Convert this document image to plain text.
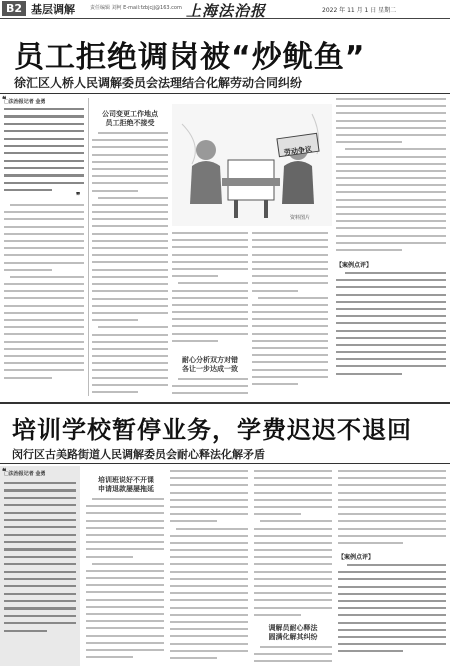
B2 基层调解	责任编辑 刘柯 E-mail:fzbjcjj@163.com 上海法治报	2022 年 11 月 1 日 星期二
员工拒绝调岗被“炒鱿鱼”
徐汇区人桥人民调解委员会法理结合化解劳动合同纠纷
□法治报记者 金勇
❝
❞
公司变更工作地点
员工拒绝不接受
劳动争议
资料图片
耐心分析双方对错
各让一步达成一致
【案例点评】
培训学校暂停业务，学费迟迟不退回
闵行区古美路街道人民调解委员会耐心释法化解矛盾
□法治报记者 金勇
❝
培训班说好不开课
申请退款屡屡拖延
调解员耐心释法
圆满化解其纠纷
【案例点评】
